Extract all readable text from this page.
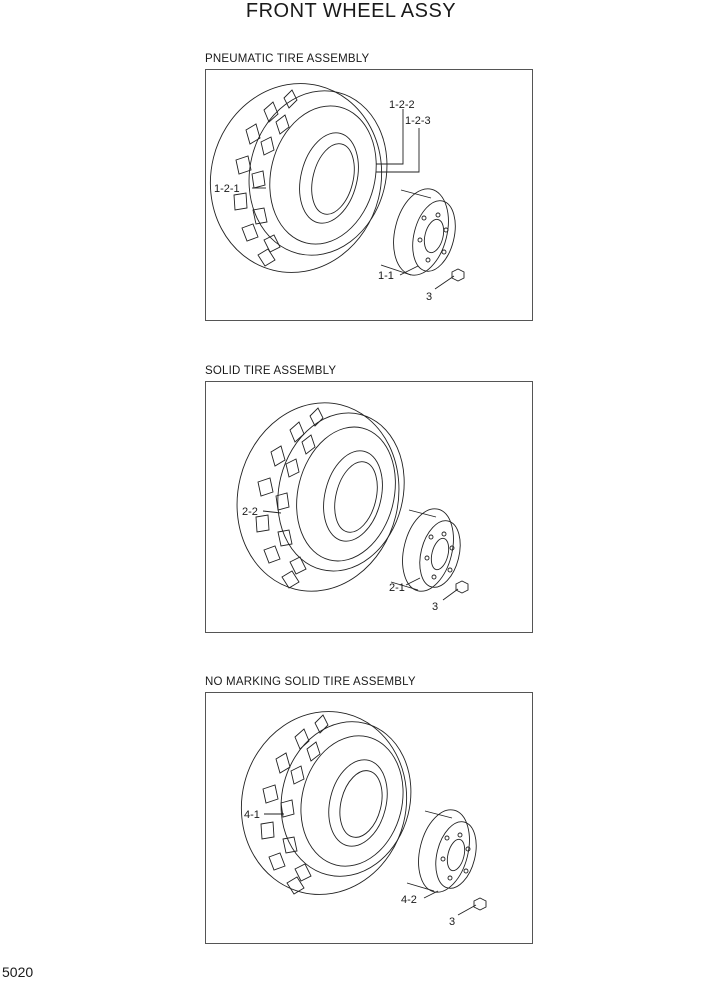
FRONT WHEEL ASSY
PNEUMATIC TIRE ASSEMBLY
1-2-1
1-2-2
1-2-3
1-1
3
SOLID TIRE ASSEMBLY
2-2
2-1
3
NO MARKING SOLID TIRE ASSEMBLY
4-1
4-2
3
5020
